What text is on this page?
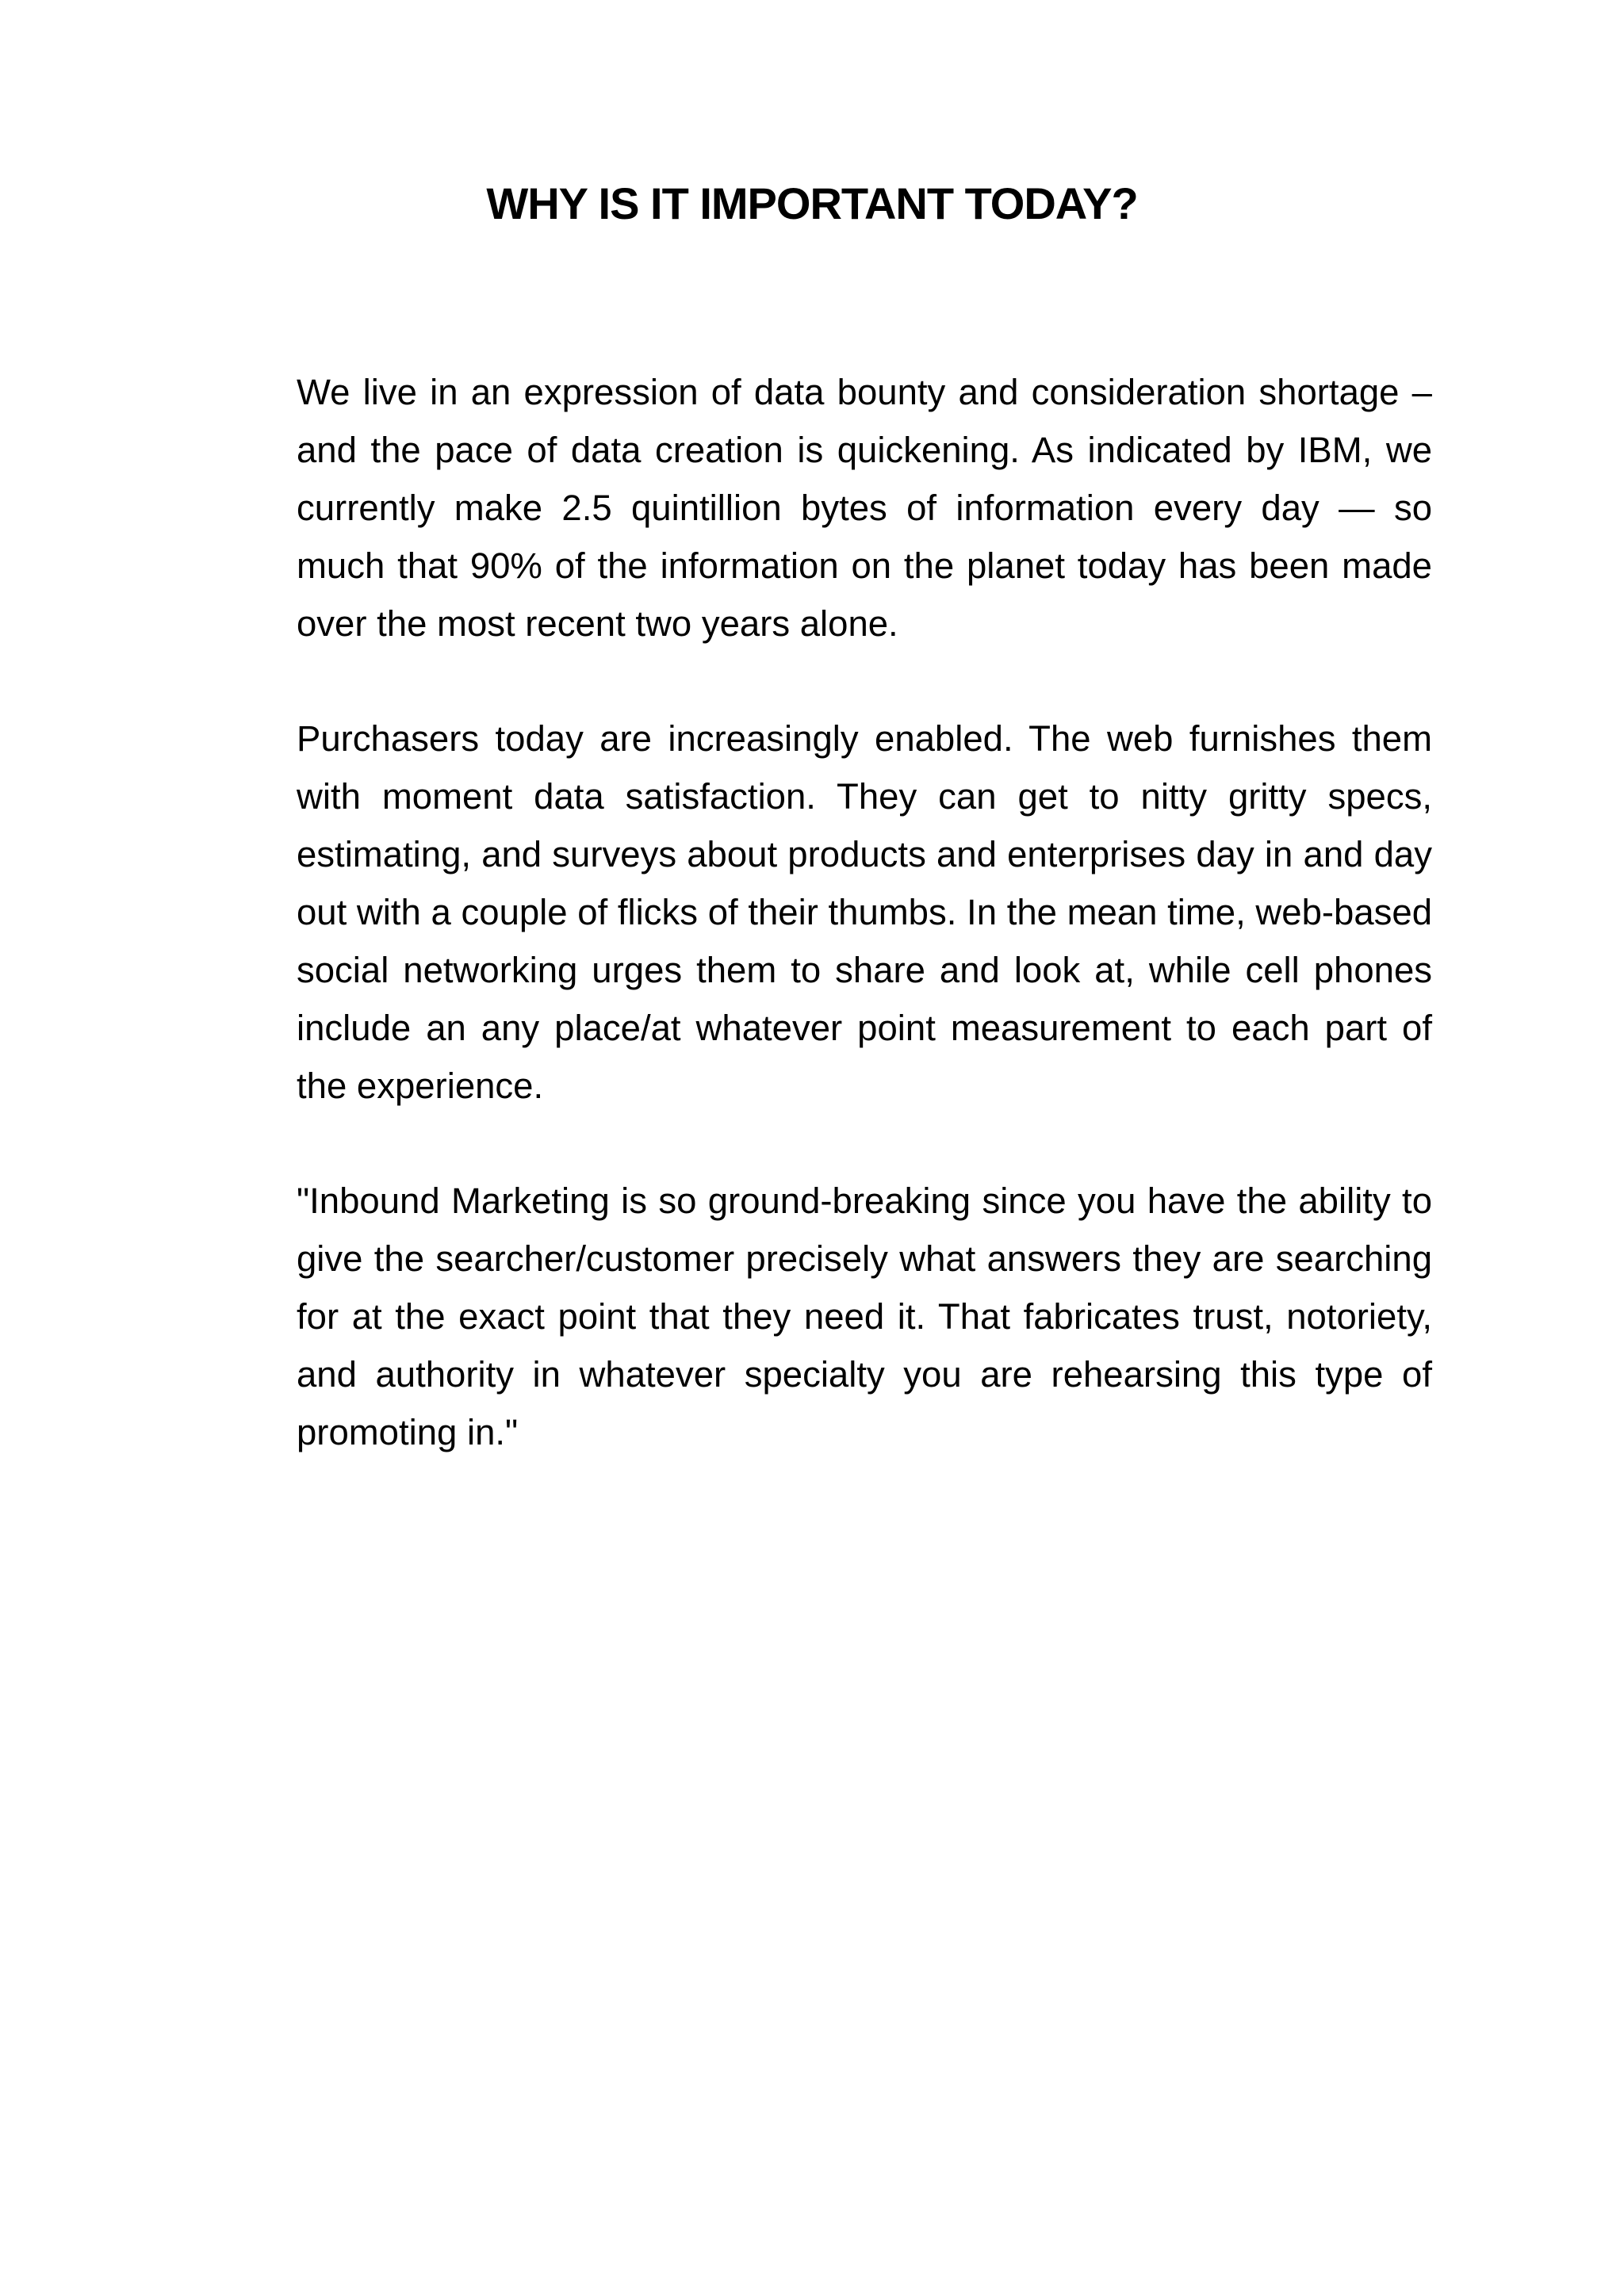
WHY IS IT IMPORTANT TODAY?

We live in an expression of data bounty and consideration shortage – and the pace of data creation is quickening. As indicated by IBM, we currently make 2.5 quintillion bytes of information every day — so much that 90% of the information on the planet today has been made over the most recent two years alone.

Purchasers today are increasingly enabled. The web furnishes them with moment data satisfaction. They can get to nitty gritty specs, estimating, and surveys about products and enterprises day in and day out with a couple of flicks of their thumbs. In the mean time, web-based social networking urges them to share and look at, while cell phones include an any place/at whatever point measurement to each part of the experience.

"Inbound Marketing is so ground-breaking since you have the ability to give the searcher/customer precisely what answers they are searching for at the exact point that they need it. That fabricates trust, notoriety, and authority in whatever specialty you are rehearsing this type of promoting in."
